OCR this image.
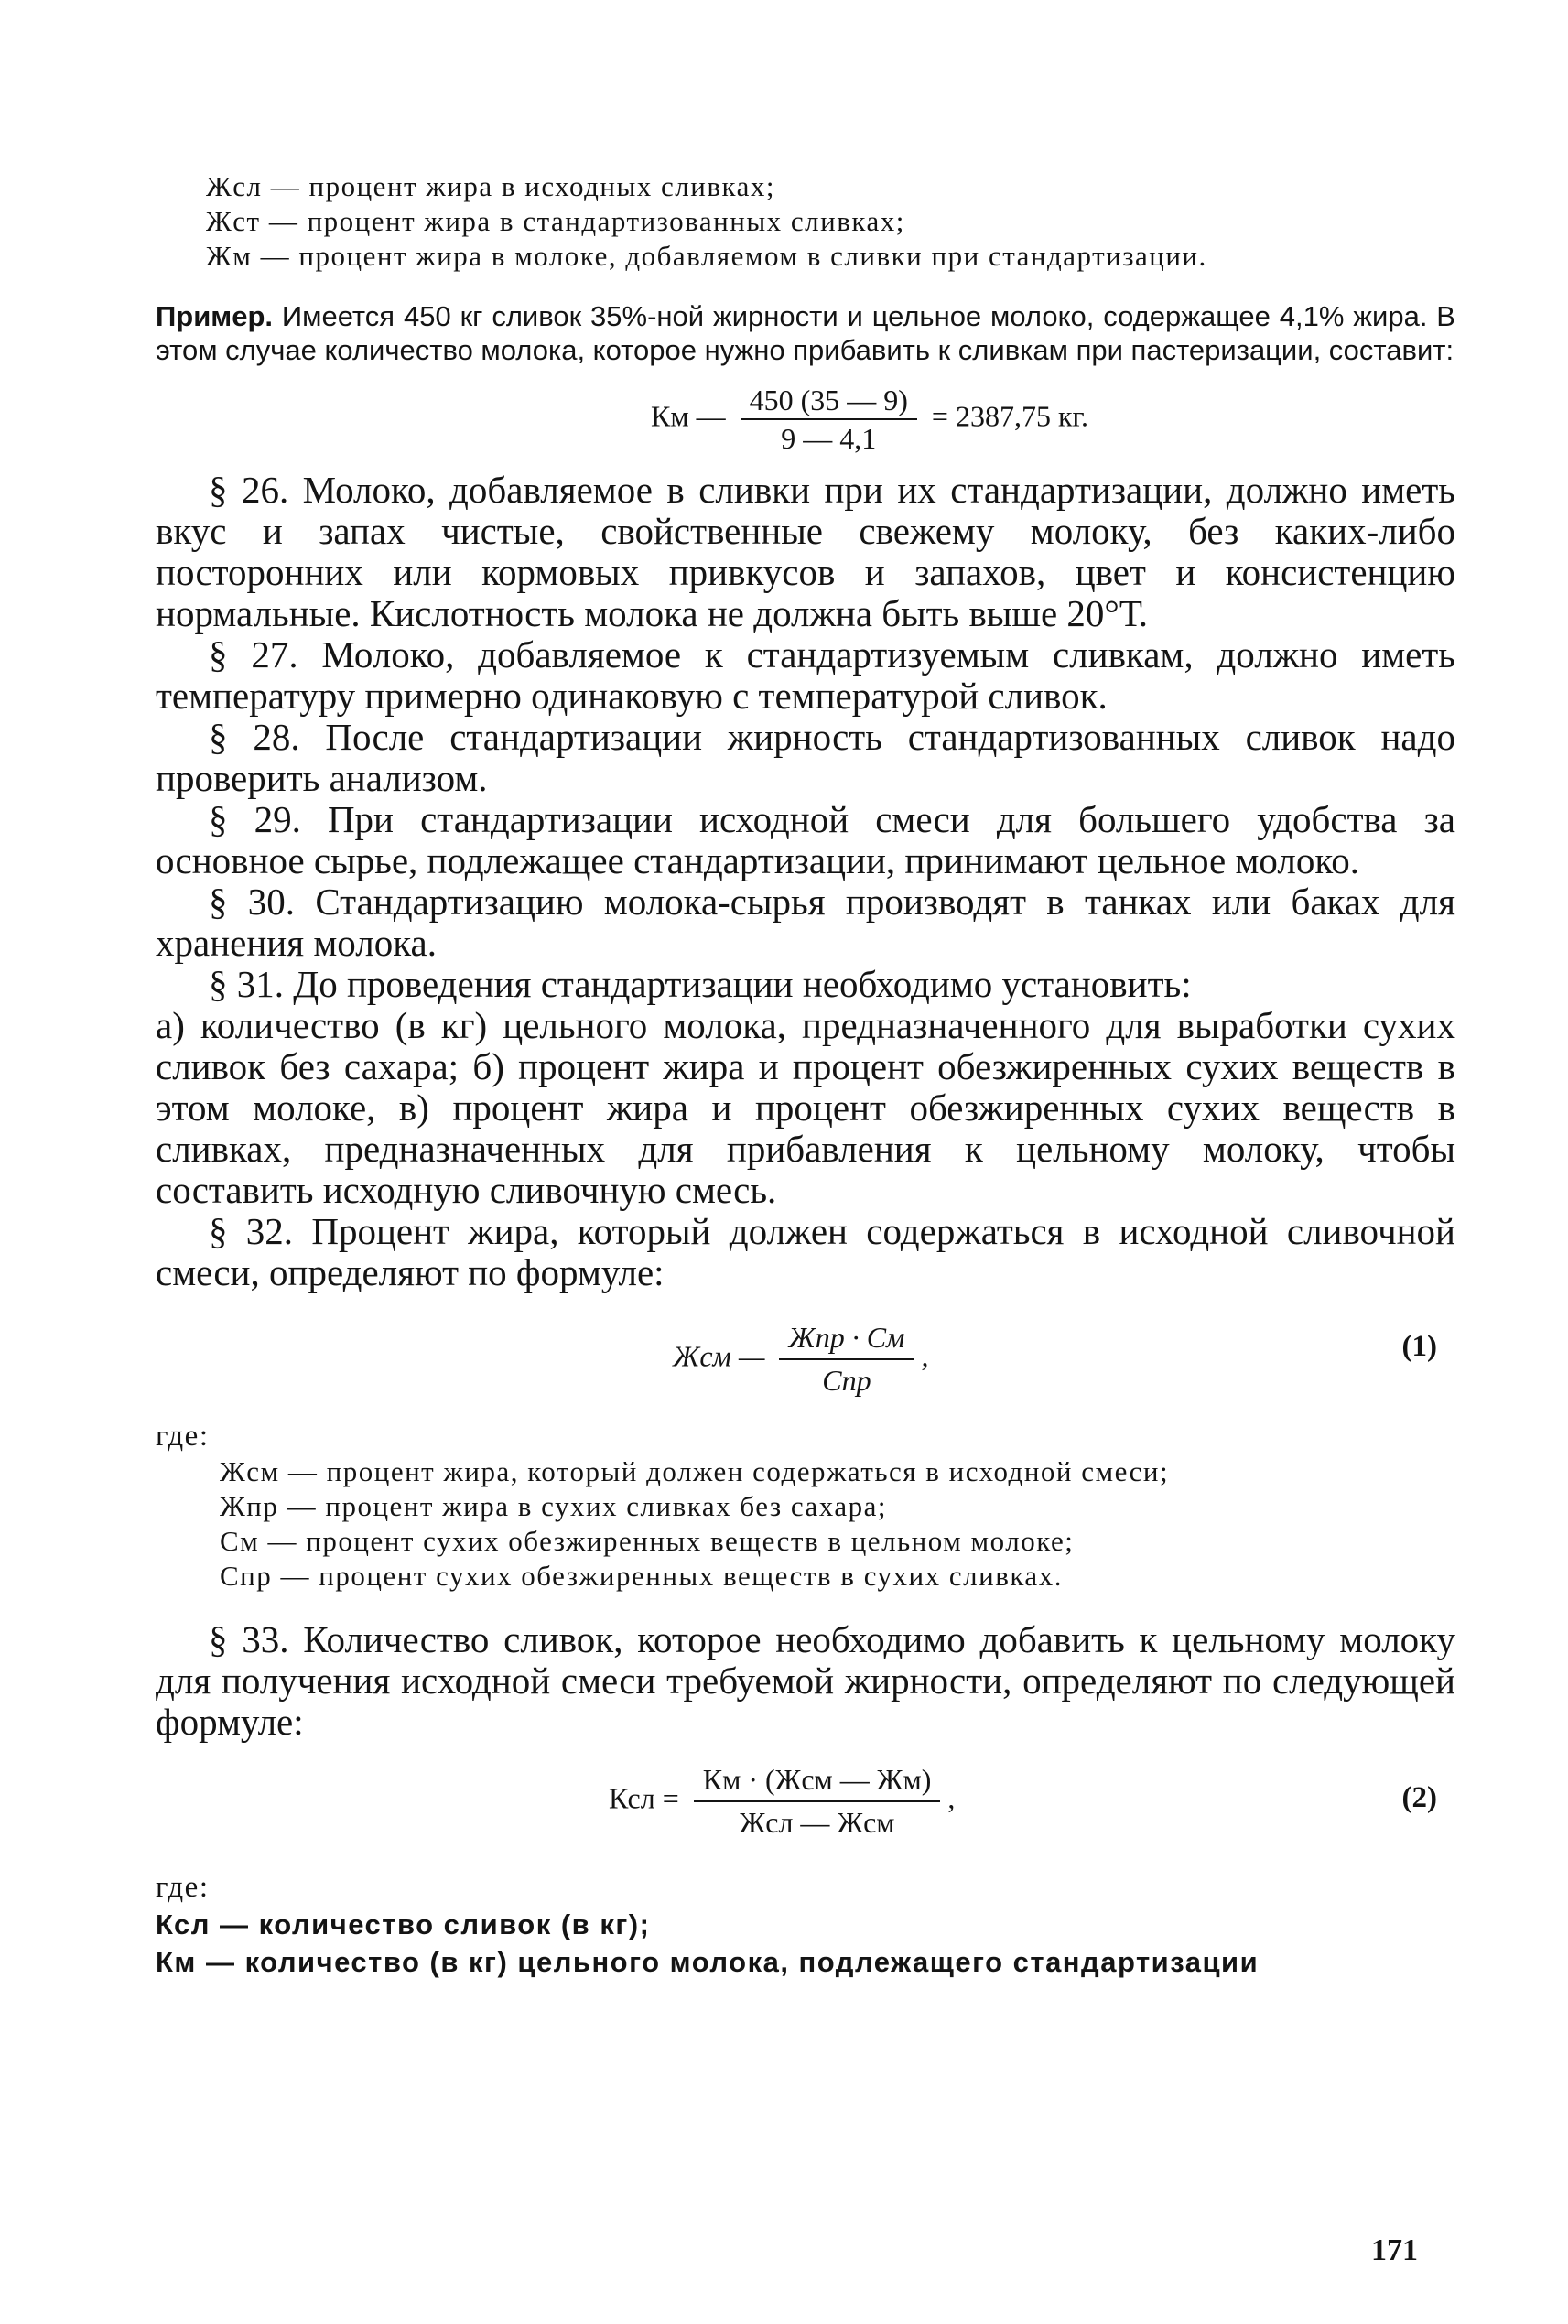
Жсл — процент жира в исходных сливках;

Жст — процент жира в стандартизованных сливках;

Жм — процент жира в молоке, добавляемом в сливки при стандартизации.

Пример. Имеется 450 кг сливок 35%-ной жирности и цельное молоко, содержащее 4,1% жира. В этом случае количество молока, которое нужно прибавить к сливкам при пастеризации, составит:
Км — $\frac{450 (35 — 9)}{9 — 4,1} = 2387,75$ кг.

§ 26. Молоко, добавляемое в сливки при их стандартизации, должно иметь вкус и запах чистые, свойственные свежему молоку, без каких-либо посторонних или кормовых привкусов и запахов, цвет и консистенцию нормальные. Кислотность молока не должна быть выше 20°Т.

§ 27. Молоко, добавляемое к стандартизуемым сливкам, должно иметь температуру примерно одинаковую с температурой сливок.

§ 28. После стандартизации жирность стандартизованных сливок надо проверить анализом.

§ 29. При стандартизации исходной смеси для большего удобства за основное сырье, подлежащее стандартизации, принимают цельное молоко.

§ 30. Стандартизацию молока-сырья производят в танках или баках для хранения молока.

§ 31. До проведения стандартизации необходимо установить:

а) количество (в кг) цельного молока, предназначенного для выработки сухих сливок без сахара; б) процент жира и процент обезжиренных сухих веществ в этом молоке, в) процент жира и процент обезжиренных сухих веществ в сливках, предназначенных для прибавления к цельному молоку, чтобы составить исходную сливочную смесь.

§ 32. Процент жира, который должен содержаться в исходной сливочной смеси, определяют по формуле:

Жсм — $\frac{\text{Жпр · См}}{\text{Спр}}$ ,	(1)

где:

Жсм — процент жира, который должен содержаться в исходной смеси;

Жпр — процент жира в сухих сливках без сахара;

См — процент сухих обезжиренных веществ в цельном молоке;

Спр — процент сухих обезжиренных веществ в сухих сливках.

§ 33. Количество сливок, которое необходимо добавить к цельному молоку для получения исходной смеси требуемой жирности, определяют по следующей формуле:

Ксл = $\frac{\text{Км · (Жсм — Жм)}}{\text{Жсл — Жсм}}$ ,	(2)

где:

Ксл — количество сливок (в кг);

Км — количество (в кг) цельного молока, подлежащего стандартизации

171
